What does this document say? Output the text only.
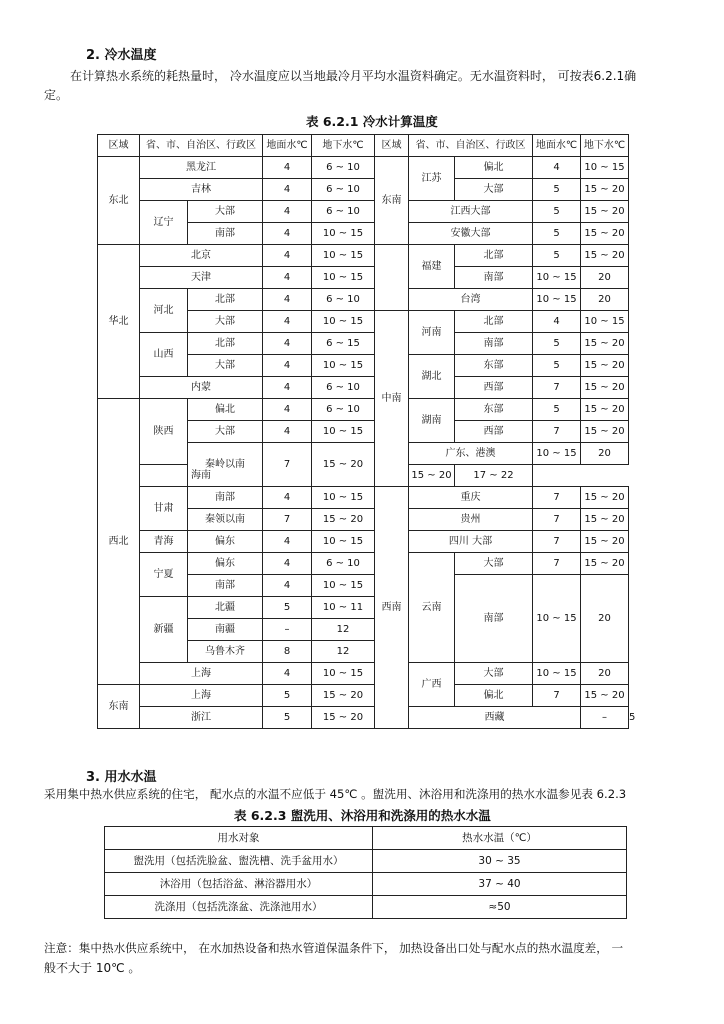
2. 冷水温度
在计算热水系统的耗热量时， 冷水温度应以当地最冷月平均水温资料确定。无水温资料时， 可按表6.2.1确
定。
表 6.2.1 冷水计算温度
区域	省、市、自治区、行政区		地面水℃	地下水℃	区域	省、市、自治区、行政区		地面水℃	地下水℃	
东北	黑龙江		4	6 ~ 10	东南	江苏	偏北	4	10 ~ 15	
	吉林		4	6 ~ 10			大部	5	15 ~ 20	
	辽宁	大部	4	6 ~ 10		江西大部		5	15 ~ 20	
		南部	4	10 ~ 15		安徽大部		5	15 ~ 20	
华北	北京		4	10 ~ 15		福建	北部	5	15 ~ 20	
	天津		4	10 ~ 15			南部	10 ~ 15	20	
	河北	北部	4	6 ~ 10		台湾		10 ~ 15	20	
		大部	4	10 ~ 15	中南	河南	北部	4	10 ~ 15	
	山西	北部	4	6 ~ 15			南部	5	15 ~ 20	
		大部	4	10 ~ 15		湖北	东部	5	15 ~ 20	
	内蒙		4	6 ~ 10			西部	7	15 ~ 20	
西北	陕西	偏北	4	6 ~ 10		湖南	东部	5	15 ~ 20	
		大部	4	10 ~ 15			西部	7	15 ~ 20	
		秦岭以南	7	15 ~ 20		广东、港澳		10 ~ 15	20	
	海南					15 ~ 20	17 ~ 22			
	甘肃	南部	4	10 ~ 15	西南	重庆		7	15 ~ 20	
		秦领以南	7	15 ~ 20		贵州		7	15 ~ 20	
	青海	偏东	4	10 ~ 15		四川 大部		7	15 ~ 20	
	宁夏	偏东	4	6 ~ 10		云南	大部	7	15 ~ 20	
		南部	4	10 ~ 15			南部	10 ~ 15	20	
	新疆	北疆	5	10 ~ 11						
		南疆	–	12						
		乌鲁木齐	8	12						
	上海		4	10 ~ 15		广西	大部	10 ~ 15	20	
东南	上海		5	15 ~ 20			偏北	7	15 ~ 20	
	浙江		5	15 ~ 20		西藏			–	5
3. 用水水温
采用集中热水供应系统的住宅， 配水点的水温不应低于 45℃ 。盥洗用、沐浴用和洗涤用的热水水温参见表 6.2.3
表 6.2.3 盥洗用、沐浴用和洗涤用的热水水温
用水对象	热水水温（℃）
盥洗用（包括洗脸盆、盥洗槽、洗手盆用水）	30 ~ 35
沐浴用（包括浴盆、淋浴器用水）	37 ~ 40
洗涤用（包括洗涤盆、洗涤池用水）	≈50
注意：集中热水供应系统中， 在水加热设备和热水管道保温条件下， 加热设备出口处与配水点的热水温度差， 一
般不大于 10℃ 。
